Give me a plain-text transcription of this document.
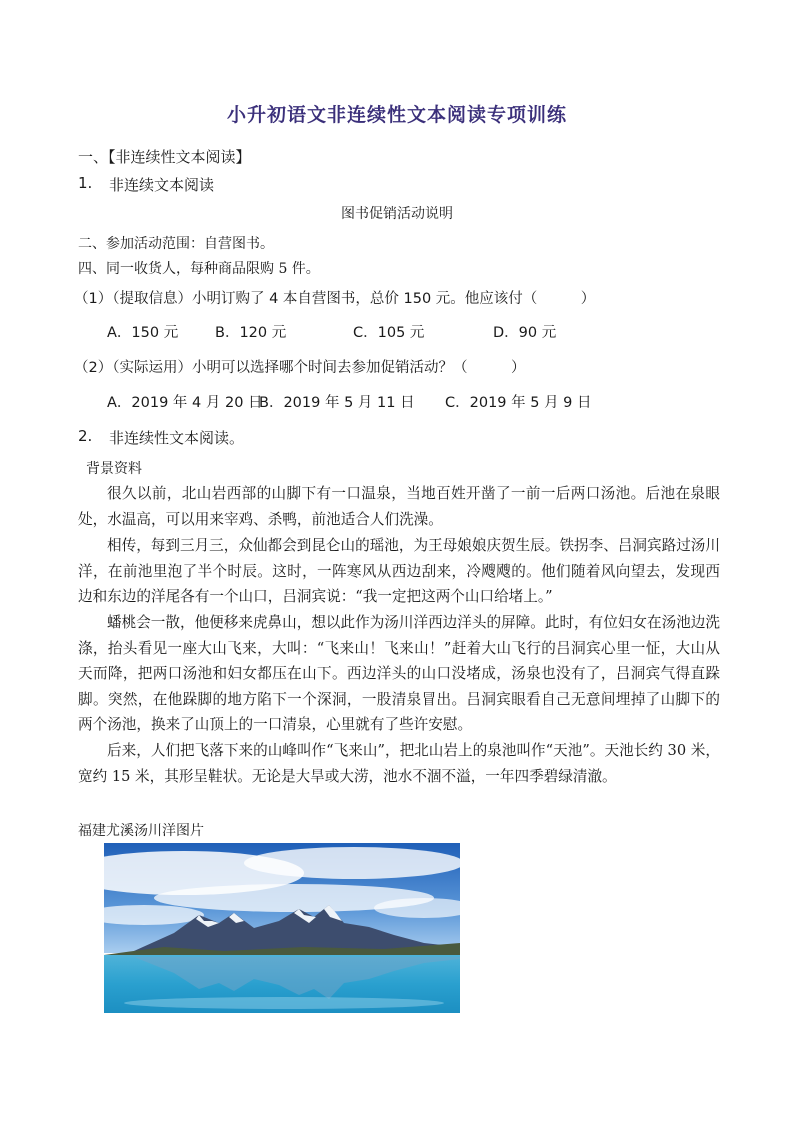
小升初语文非连续性文本阅读专项训练
一、【非连续性文本阅读】
1. 非连续文本阅读
图书促销活动说明
二、参加活动范围：自营图书。
四、同一收货人，每种商品限购 5 件。
（1）（提取信息）小明订购了 4 本自营图书，总价 150 元。他应该付（　　　）
A．150 元	B．120 元	C．105 元	D．90 元
（2）（实际运用）小明可以选择哪个时间去参加促销活动？（　　　）
A．2019 年 4 月 20 日
B．2019 年 5 月 11 日 C．2019 年 5 月 9 日
2. 非连续性文本阅读。
背景资料
很久以前，北山岩西部的山脚下有一口温泉，当地百姓开凿了一前一后两口汤池。后池在泉眼处，水温高，可以用来宰鸡、杀鸭，前池适合人们洗澡。
相传，每到三月三，众仙都会到昆仑山的瑶池，为王母娘娘庆贺生辰。铁拐李、吕洞宾路过汤川洋，在前池里泡了半个时辰。这时，一阵寒风从西边刮来，冷飕飕的。他们随着风向望去，发现西边和东边的洋尾各有一个山口，吕洞宾说：“我一定把这两个山口给堵上。”
蟠桃会一散，他便移来虎鼻山，想以此作为汤川洋西边洋头的屏障。此时，有位妇女在汤池边洗涤，抬头看见一座大山飞来，大叫：“飞来山！飞来山！”赶着大山飞行的吕洞宾心里一怔，大山从天而降，把两口汤池和妇女都压在山下。西边洋头的山口没堵成，汤泉也没有了，吕洞宾气得直跺脚。突然，在他跺脚的地方陷下一个深洞，一股清泉冒出。吕洞宾眼看自己无意间埋掉了山脚下的两个汤池，换来了山顶上的一口清泉，心里就有了些许安慰。
后来，人们把飞落下来的山峰叫作“飞来山”，把北山岩上的泉池叫作“天池”。天池长约 30 米，宽约 15 米，其形呈鞋状。无论是大旱或大涝，池水不涸不溢，一年四季碧绿清澈。
福建尤溪汤川洋图片
